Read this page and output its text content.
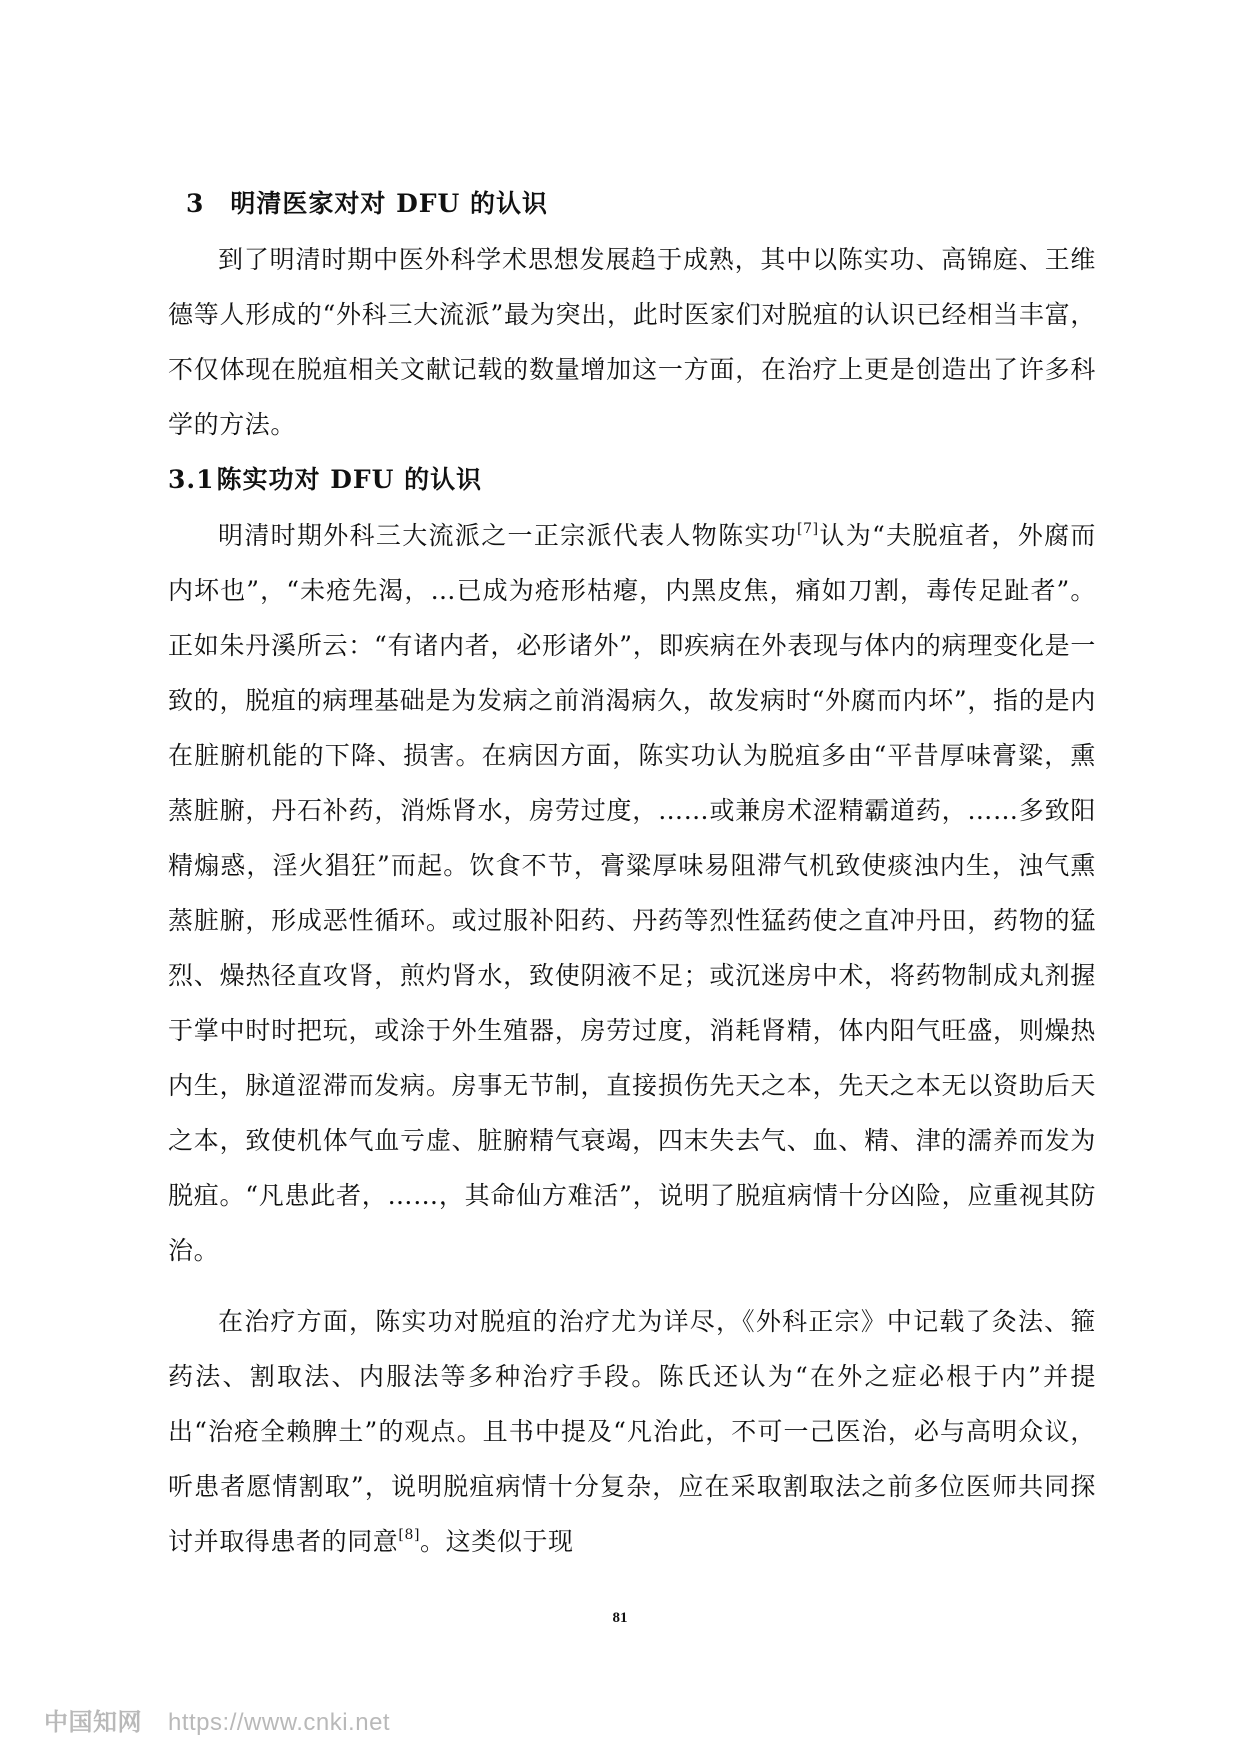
3 明清医家对对 DFU 的认识

到了明清时期中医外科学术思想发展趋于成熟，其中以陈实功、高锦庭、王维德等人形成的“外科三大流派”最为突出，此时医家们对脱疽的认识已经相当丰富，不仅体现在脱疽相关文献记载的数量增加这一方面，在治疗上更是创造出了许多科学的方法。

3.1陈实功对 DFU 的认识

明清时期外科三大流派之一正宗派代表人物陈实功[7]认为“夫脱疽者，外腐而内坏也”，“未疮先渴，…已成为疮形枯瘪，内黑皮焦，痛如刀割，毒传足趾者”。正如朱丹溪所云：“有诸内者，必形诸外”，即疾病在外表现与体内的病理变化是一致的，脱疽的病理基础是为发病之前消渴病久，故发病时“外腐而内坏”，指的是内在脏腑机能的下降、损害。在病因方面，陈实功认为脱疽多由“平昔厚味膏粱，熏蒸脏腑，丹石补药，消烁肾水，房劳过度，……或兼房术涩精霸道药，……多致阳精煽惑，淫火猖狂”而起。饮食不节，膏粱厚味易阻滞气机致使痰浊内生，浊气熏蒸脏腑，形成恶性循环。或过服补阳药、丹药等烈性猛药使之直冲丹田，药物的猛烈、燥热径直攻肾，煎灼肾水，致使阴液不足；或沉迷房中术，将药物制成丸剂握于掌中时时把玩，或涂于外生殖器，房劳过度，消耗肾精，体内阳气旺盛，则燥热内生，脉道涩滞而发病。房事无节制，直接损伤先天之本，先天之本无以资助后天之本，致使机体气血亏虚、脏腑精气衰竭，四末失去气、血、精、津的濡养而发为脱疽。“凡患此者，……，其命仙方难活”，说明了脱疽病情十分凶险，应重视其防治。

在治疗方面，陈实功对脱疽的治疗尤为详尽，《外科正宗》中记载了灸法、箍药法、割取法、内服法等多种治疗手段。陈氏还认为“在外之症必根于内”并提出“治疮全赖脾土”的观点。且书中提及“凡治此，不可一己医治，必与高明众议，听患者愿情割取”，说明脱疽病情十分复杂，应在采取割取法之前多位医师共同探讨并取得患者的同意[8]。这类似于现

81
中国知网 https://www.cnki.net
